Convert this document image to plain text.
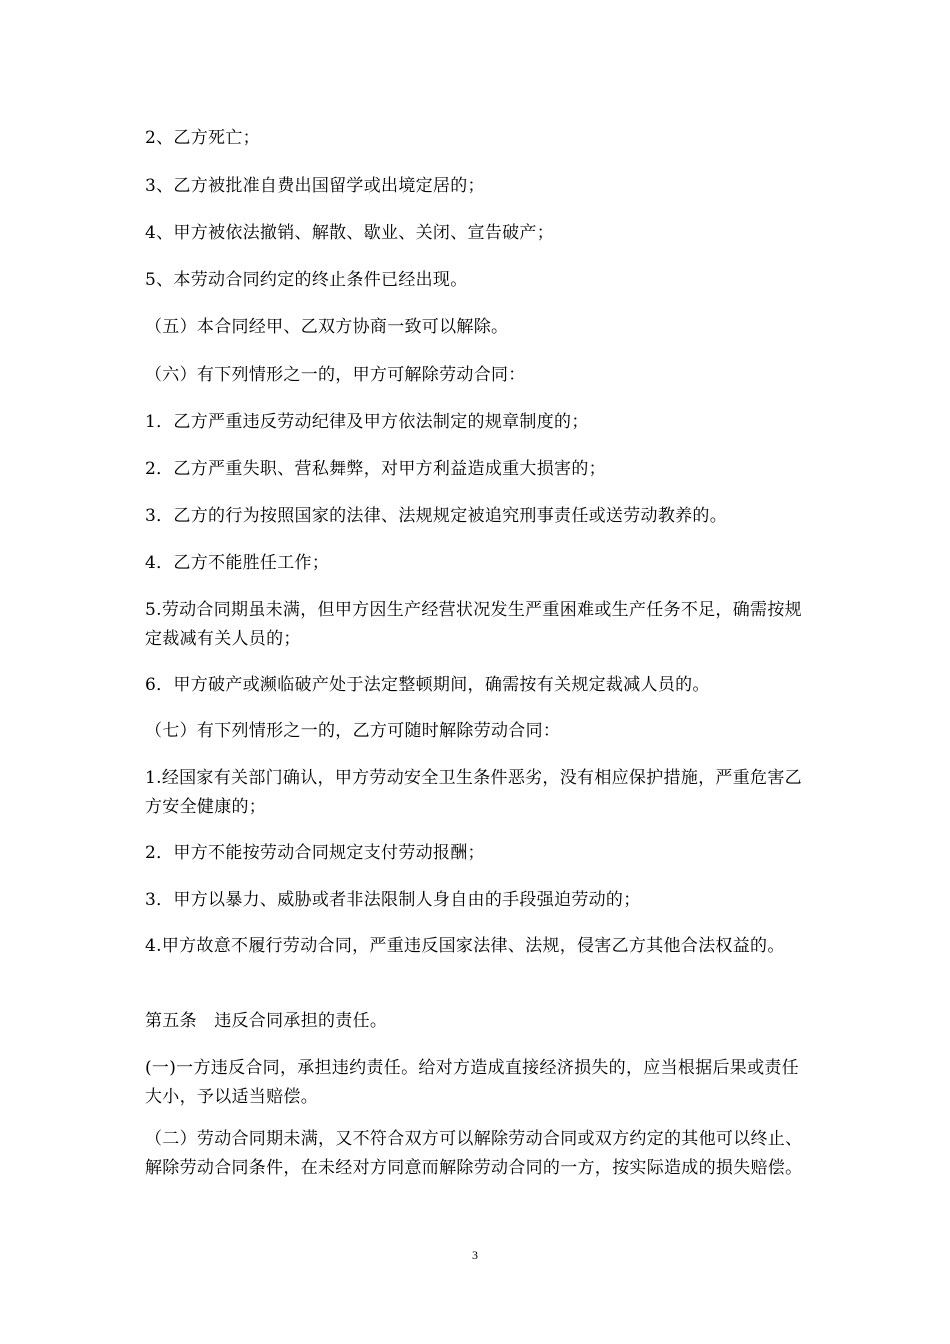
2、乙方死亡；

3、乙方被批准自费出国留学或出境定居的；

4、甲方被依法撤销、解散、歇业、关闭、宣告破产；

5、本劳动合同约定的终止条件已经出现。

（五）本合同经甲、乙双方协商一致可以解除。

（六）有下列情形之一的，甲方可解除劳动合同：

1．乙方严重违反劳动纪律及甲方依法制定的规章制度的；

2．乙方严重失职、营私舞弊，对甲方利益造成重大损害的；

3．乙方的行为按照国家的法律、法规规定被追究刑事责任或送劳动教养的。

4．乙方不能胜任工作；

5.劳动合同期虽未满，但甲方因生产经营状况发生严重困难或生产任务不足，确需按规定裁减有关人员的；

6．甲方破产或濒临破产处于法定整顿期间，确需按有关规定裁减人员的。

（七）有下列情形之一的，乙方可随时解除劳动合同：

1.经国家有关部门确认，甲方劳动安全卫生条件恶劣，没有相应保护措施，严重危害乙方安全健康的；

2．甲方不能按劳动合同规定支付劳动报酬；

3．甲方以暴力、威胁或者非法限制人身自由的手段强迫劳动的；

4.甲方故意不履行劳动合同，严重违反国家法律、法规，侵害乙方其他合法权益的。

第五条　违反合同承担的责任。

(一)一方违反合同，承担违约责任。给对方造成直接经济损失的，应当根据后果或责任大小，予以适当赔偿。

（二）劳动合同期未满，又不符合双方可以解除劳动合同或双方约定的其他可以终止、解除劳动合同条件，在未经对方同意而解除劳动合同的一方，按实际造成的损失赔偿。

3
